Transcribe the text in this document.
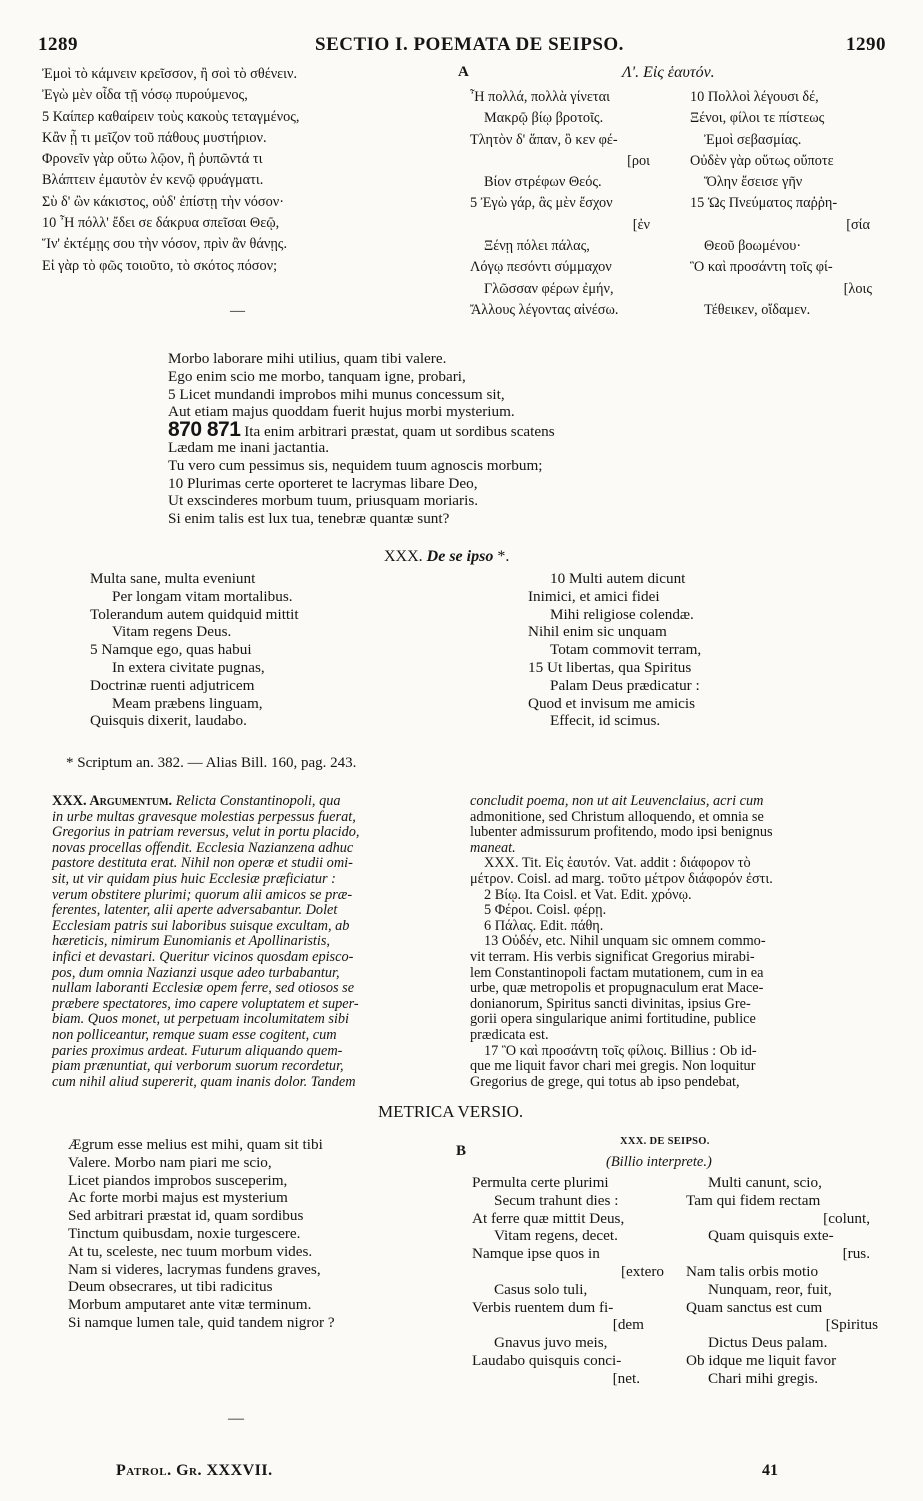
1289	SECTIO I. POEMATA DE SEIPSO.	1290
Ἐμοὶ τὸ κάμνειν κρεῖσσον, ἢ σοὶ τὸ σθένειν.
Ἐγὼ μὲν οἶδα τῇ νόσῳ πυρούμενος,
5 Καίπερ καθαίρειν τοὺς κακοὺς τεταγμένος,
Κἂν ᾖ τι μεῖζον τοῦ πάθους μυστήριον.
Φρονεῖν γὰρ οὕτω λῷον, ἢ ῥυπῶντά τι
Βλάπτειν ἐμαυτὸν ἐν κενῷ φρυάγματι.
Σὺ δ' ὢν κάκιστος, οὐδ' ἐπίστῃ τὴν νόσον·
10 Ἦ πόλλ' ἔδει σε δάκρυα σπεῖσαι Θεῷ,
Ἵν' ἐκτέμῃς σου τὴν νόσον, πρὶν ἂν θάνῃς.
Εἰ γὰρ τὸ φῶς τοιοῦτο, τὸ σκότος πόσον;
—
A	Λ'. Εἰς ἑαυτόν.
Ἦ πολλά, πολλὰ γίνεται
Μακρῷ βίῳ βροτοῖς.
Τλητὸν δ' ἅπαν, ὃ κεν φέ-
[ροι
Βίον στρέφων Θεός.
5 Ἐγὼ γάρ, ἃς μὲν ἔσχον
[ἐν
Ξένῃ πόλει πάλας,
Λόγῳ πεσόντι σύμμαχον
Γλῶσσαν φέρων ἐμήν,
Ἄλλους λέγοντας αἰνέσω.
10 Πολλοὶ λέγουσι δέ,
Ξένοι, φίλοι τε πίστεως
Ἐμοὶ σεβασμίας.
Οὐδὲν γὰρ οὕτως οὔποτε
Ὅλην ἔσεισε γῆν
15 Ὡς Πνεύματος παῤῥη-
[σία
Θεοῦ βοωμένου·
Ὃ καὶ προσάντη τοῖς φί-
[λοις
Τέθεικεν, οἴδαμεν.
Morbo laborare mihi utilius, quam tibi valere.
Ego enim scio me morbo, tanquam igne, probari,
5 Licet mundandi improbos mihi munus concessum sit,
Aut etiam majus quoddam fuerit hujus morbi mysterium.
870 871 Ita enim arbitrari præstat, quam ut sordibus scatens
Lædam me inani jactantia.
Tu vero cum pessimus sis, nequidem tuum agnoscis morbum;
10 Plurimas certe oporteret te lacrymas libare Deo,
Ut exscinderes morbum tuum, priusquam moriaris.
Si enim talis est lux tua, tenebræ quantæ sunt?
XXX. De se ipso *.
Multa sane, multa eveniunt
Per longam vitam mortalibus.
Tolerandum autem quidquid mittit
Vitam regens Deus.
5 Namque ego, quas habui
In extera civitate pugnas,
Doctrinæ ruenti adjutricem
Meam præbens linguam,
Quisquis dixerit, laudabo.
10 Multi autem dicunt
Inimici, et amici fidei
Mihi religiose colendæ.
Nihil enim sic unquam
Totam commovit terram,
15 Ut libertas, qua Spiritus
Palam Deus prædicatur :
Quod et invisum me amicis
Effecit, id scimus.
* Scriptum an. 382. — Alias Bill. 160, pag. 243.
XXX. Argumentum. Relicta Constantinopoli, qua
in urbe multas gravesque molestias perpessus fuerat,
Gregorius in patriam reversus, velut in portu placido,
novas procellas offendit. Ecclesia Nazianzena adhuc
pastore destituta erat. Nihil non operæ et studii omi-
sit, ut vir quidam pius huic Ecclesiæ præficiatur :
verum obstitere plurimi; quorum alii amicos se præ-
ferentes, latenter, alii aperte adversabantur. Dolet
Ecclesiam patris sui laboribus suisque excultam, ab
hæreticis, nimirum Eunomianis et Apollinaristis,
infici et devastari. Queritur vicinos quosdam episco-
pos, dum omnia Nazianzi usque adeo turbabantur,
nullam laboranti Ecclesiæ opem ferre, sed otiosos se
præbere spectatores, imo capere voluptatem et super-
biam. Quos monet, ut perpetuam incolumitatem sibi
non polliceantur, remque suam esse cogitent, cum
paries proximus ardeat. Futurum aliquando quem-
piam prænuntiat, qui verborum suorum recordetur,
cum nihil aliud supererit, quam inanis dolor. Tandem
concludit poema, non ut ait Leuvenclaius, acri cum
admonitione, sed Christum alloquendo, et omnia se
lubenter admissurum profitendo, modo ipsi benignus
maneat.
XXX. Tit. Εἰς ἑαυτόν. Vat. addit : διάφορον τὸ
μέτρον. Coisl. ad marg. τοῦτο μέτρον διάφορόν ἐστι.
2 Βίῳ. Ita Coisl. et Vat. Edit. χρόνῳ.
5 Φέροι. Coisl. φέρῃ.
6 Πάλας. Edit. πάθη.
13 Οὐδέν, etc. Nihil unquam sic omnem commo-
vit terram. His verbis significat Gregorius mirabi-
lem Constantinopoli factam mutationem, cum in ea
urbe, quæ metropolis et propugnaculum erat Mace-
donianorum, Spiritus sancti divinitas, ipsius Gre-
gorii opera singularique animi fortitudine, publice
prædicata est.
17 Ὃ καὶ προσάντη τοῖς φίλοις. Billius : Ob id-
que me liquit favor chari mei gregis. Non loquitur
Gregorius de grege, qui totus ab ipso pendebat,
METRICA VERSIO.
Ægrum esse melius est mihi, quam sit tibi
Valere. Morbo nam piari me scio,
Licet piandos improbos susceperim,
Ac forte morbi majus est mysterium
Sed arbitrari præstat id, quam sordibus
Tinctum quibusdam, noxie turgescere.
At tu, sceleste, nec tuum morbum vides.
Nam si videres, lacrymas fundens graves,
Deum obsecrares, ut tibi radicitus
Morbum amputaret ante vitæ terminum.
Si namque lumen tale, quid tandem nigror ?
—
B
XXX. DE SEIPSO.
(Billio interprete.)
Permulta certe plurimi
Secum trahunt dies :
At ferre quæ mittit Deus,
Vitam regens, decet.
Namque ipse quos in
[extero
Casus solo tuli,
Verbis ruentem dum fi-
[dem
Gnavus juvo meis,
Laudabo quisquis conci-
[net.
Multi canunt, scio,
Tam qui fidem rectam
[colunt,
Quam quisquis exte-
[rus.
Nam talis orbis motio
Nunquam, reor, fuit,
Quam sanctus est cum
[Spiritus
Dictus Deus palam.
Ob idque me liquit favor
Chari mihi gregis.
Patrol. Gr. XXXVII.	41
